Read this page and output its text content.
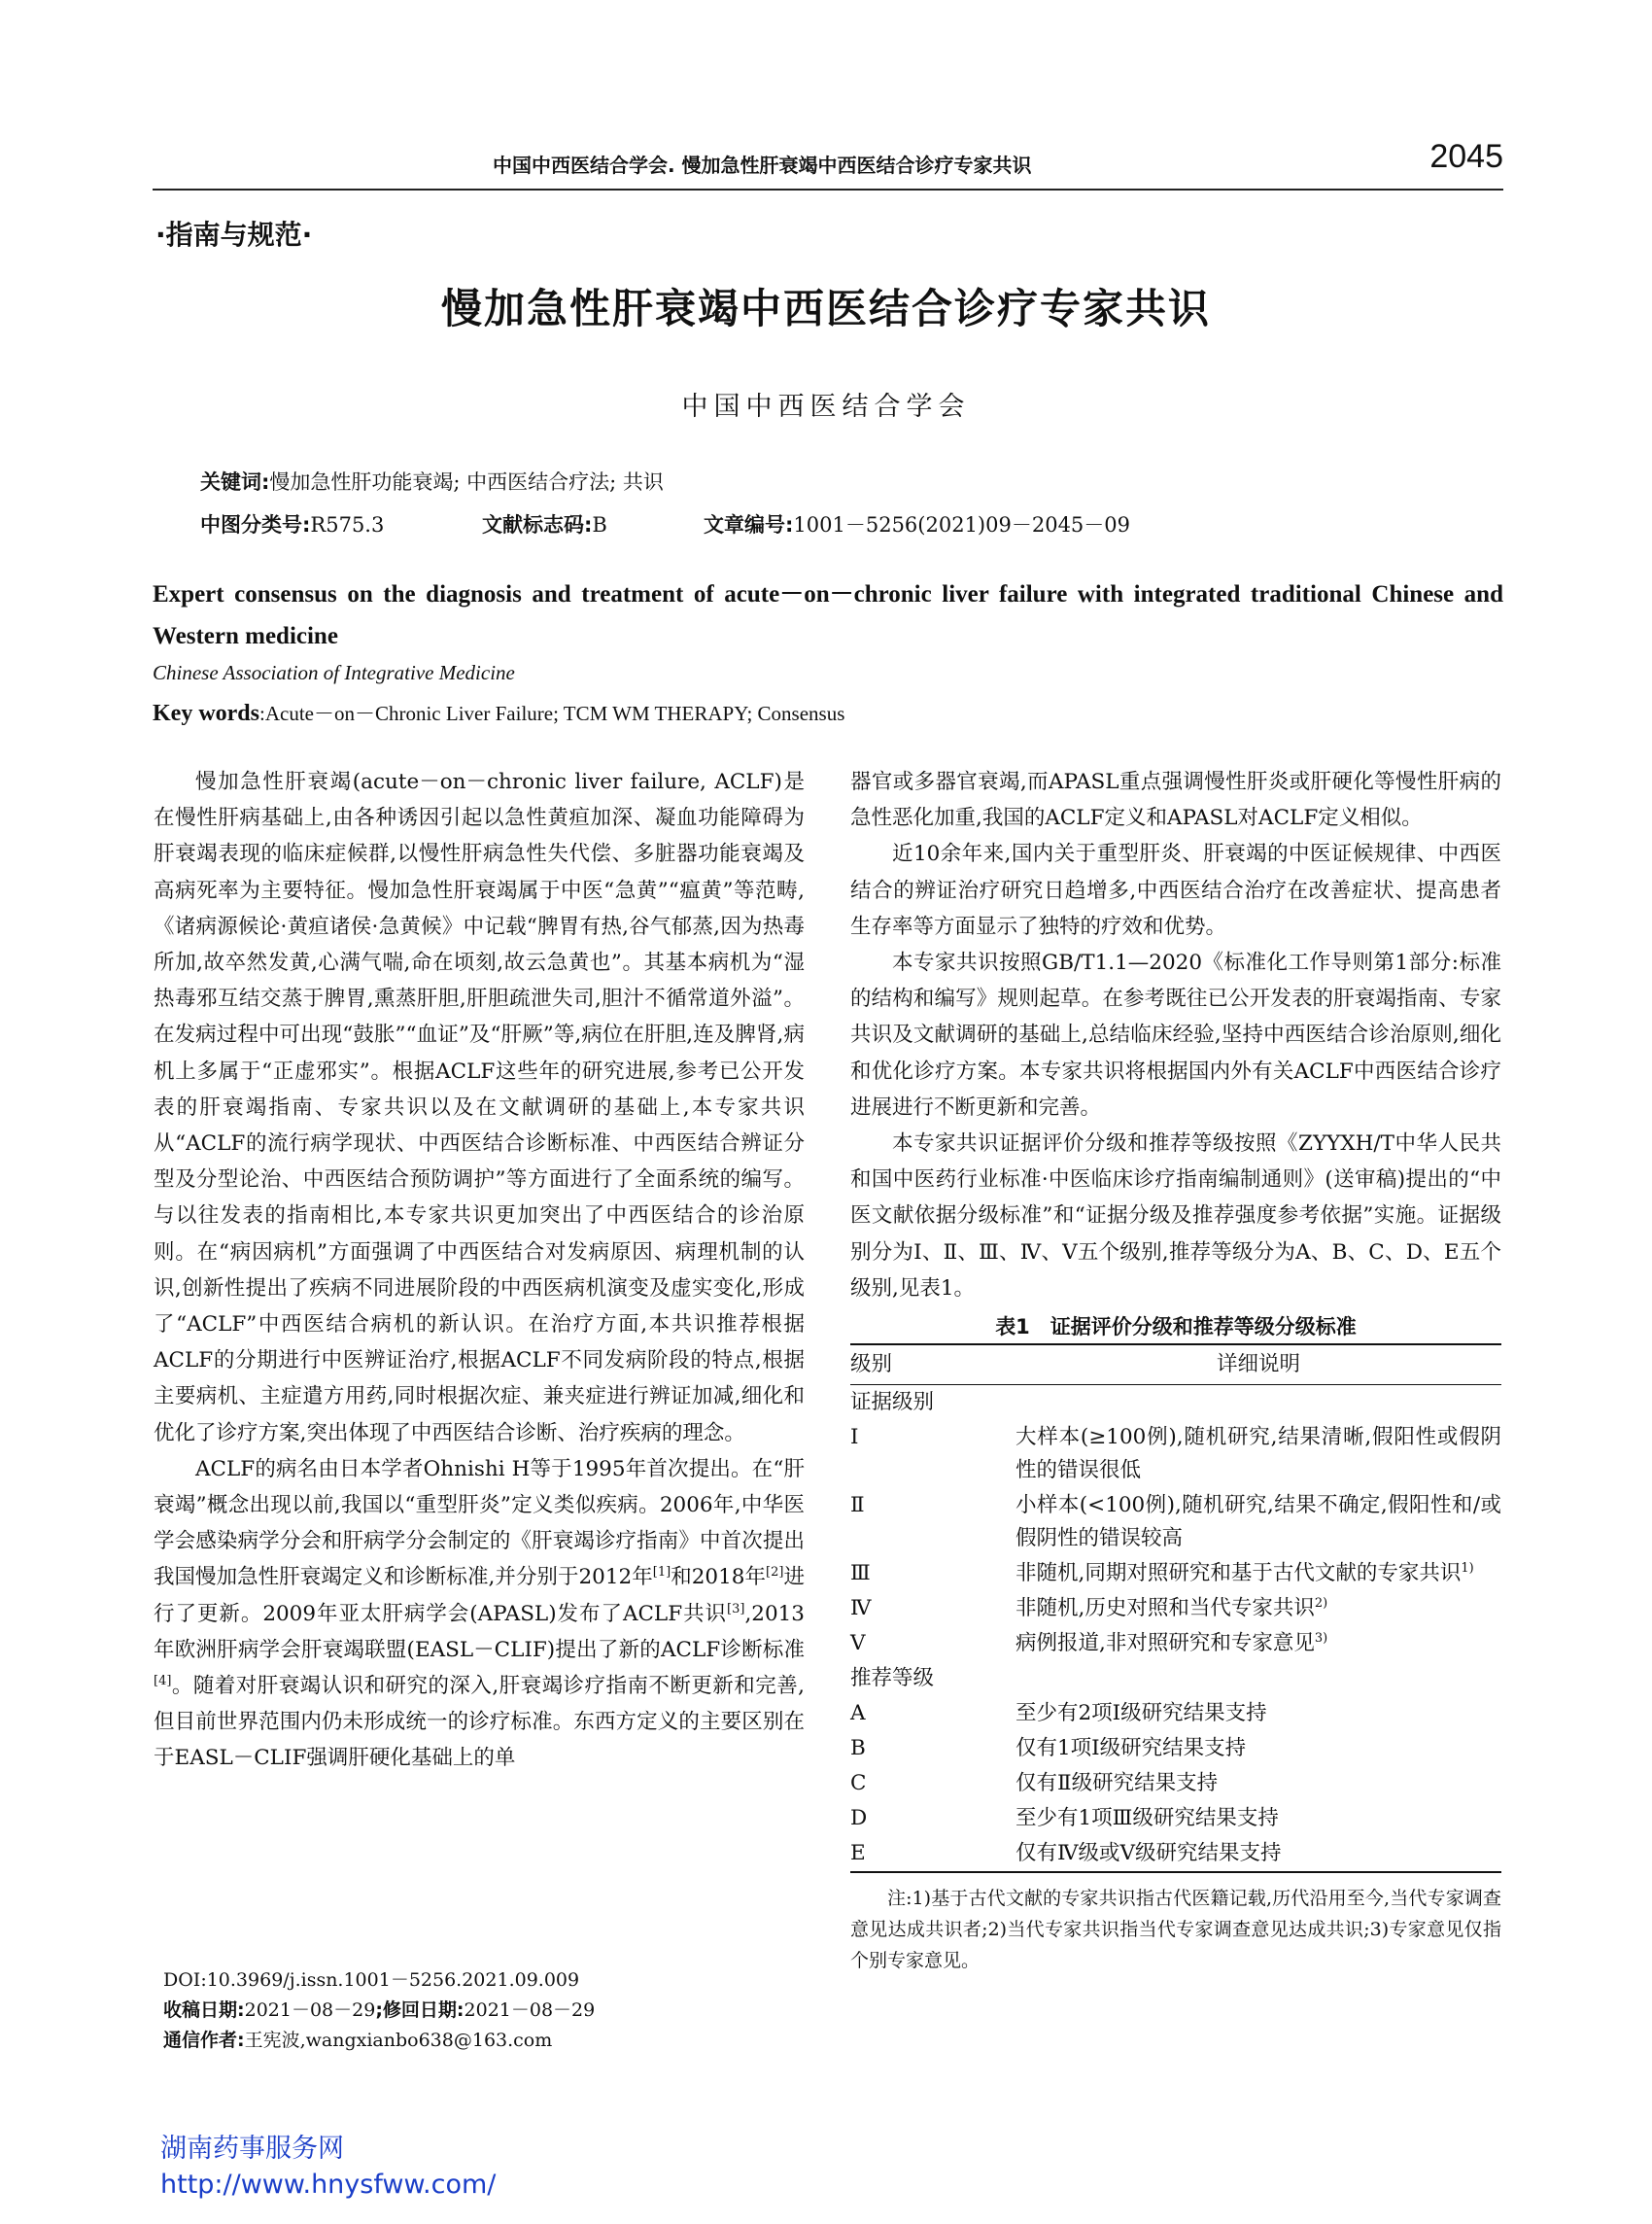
中国中西医结合学会. 慢加急性肝衰竭中西医结合诊疗专家共识	2045
·指南与规范·
慢加急性肝衰竭中西医结合诊疗专家共识
中国中西医结合学会
关键词:慢加急性肝功能衰竭; 中西医结合疗法; 共识
中图分类号:R575.3	文献标志码:B	文章编号:1001－5256(2021)09－2045－09
Expert consensus on the diagnosis and treatment of acute－on－chronic liver failure with integrated traditional Chinese and Western medicine
Chinese Association of Integrative Medicine
Key words:Acute－on－Chronic Liver Failure; TCM WM THERAPY; Consensus

慢加急性肝衰竭(acute－on－chronic liver failure, ACLF)是在慢性肝病基础上,由各种诱因引起以急性黄疸加深、凝血功能障碍为肝衰竭表现的临床症候群,以慢性肝病急性失代偿、多脏器功能衰竭及高病死率为主要特征。慢加急性肝衰竭属于中医“急黄”“瘟黄”等范畴,《诸病源候论·黄疸诸侯·急黄候》中记载“脾胃有热,谷气郁蒸,因为热毒所加,故卒然发黄,心满气喘,命在顷刻,故云急黄也”。其基本病机为“湿热毒邪互结交蒸于脾胃,熏蒸肝胆,肝胆疏泄失司,胆汁不循常道外溢”。在发病过程中可出现“鼓胀”“血证”及“肝厥”等,病位在肝胆,连及脾肾,病机上多属于“正虚邪实”。根据ACLF这些年的研究进展,参考已公开发表的肝衰竭指南、专家共识以及在文献调研的基础上,本专家共识从“ACLF的流行病学现状、中西医结合诊断标准、中西医结合辨证分型及分型论治、中西医结合预防调护”等方面进行了全面系统的编写。与以往发表的指南相比,本专家共识更加突出了中西医结合的诊治原则。在“病因病机”方面强调了中西医结合对发病原因、病理机制的认识,创新性提出了疾病不同进展阶段的中西医病机演变及虚实变化,形成了“ACLF”中西医结合病机的新认识。在治疗方面,本共识推荐根据ACLF的分期进行中医辨证治疗,根据ACLF不同发病阶段的特点,根据主要病机、主症遣方用药,同时根据次症、兼夹症进行辨证加减,细化和优化了诊疗方案,突出体现了中西医结合诊断、治疗疾病的理念。

ACLF的病名由日本学者Ohnishi H等于1995年首次提出。在“肝衰竭”概念出现以前,我国以“重型肝炎”定义类似疾病。2006年,中华医学会感染病学分会和肝病学分会制定的《肝衰竭诊疗指南》中首次提出我国慢加急性肝衰竭定义和诊断标准,并分别于2012年[1]和2018年[2]进行了更新。2009年亚太肝病学会(APASL)发布了ACLF共识[3],2013年欧洲肝病学会肝衰竭联盟(EASL－CLIF)提出了新的ACLF诊断标准[4]。随着对肝衰竭认识和研究的深入,肝衰竭诊疗指南不断更新和完善,但目前世界范围内仍未形成统一的诊疗标准。东西方定义的主要区别在于EASL－CLIF强调肝硬化基础上的单

器官或多器官衰竭,而APASL重点强调慢性肝炎或肝硬化等慢性肝病的急性恶化加重,我国的ACLF定义和APASL对ACLF定义相似。

近10余年来,国内关于重型肝炎、肝衰竭的中医证候规律、中西医结合的辨证治疗研究日趋增多,中西医结合治疗在改善症状、提高患者生存率等方面显示了独特的疗效和优势。

本专家共识按照GB/T1.1—2020《标准化工作导则第1部分:标准的结构和编写》规则起草。在参考既往已公开发表的肝衰竭指南、专家共识及文献调研的基础上,总结临床经验,坚持中西医结合诊治原则,细化和优化诊疗方案。本专家共识将根据国内外有关ACLF中西医结合诊疗进展进行不断更新和完善。

本专家共识证据评价分级和推荐等级按照《ZYYXH/T中华人民共和国中医药行业标准·中医临床诊疗指南编制通则》(送审稿)提出的“中医文献依据分级标准”和“证据分级及推荐强度参考依据”实施。证据级别分为Ⅰ、Ⅱ、Ⅲ、Ⅳ、Ⅴ五个级别,推荐等级分为A、B、C、D、E五个级别,见表1。

表1　证据评价分级和推荐等级分级标准
级别	详细说明
证据级别	
Ⅰ	大样本(≥100例),随机研究,结果清晰,假阳性或假阴性的错误很低
Ⅱ	小样本(<100例),随机研究,结果不确定,假阳性和/或假阴性的错误较高
Ⅲ	非随机,同期对照研究和基于古代文献的专家共识$^{1)}$
Ⅳ	非随机,历史对照和当代专家共识$^{2)}$
Ⅴ	病例报道,非对照研究和专家意见$^{3)}$
推荐等级	
A	至少有2项Ⅰ级研究结果支持
B	仅有1项Ⅰ级研究结果支持
C	仅有Ⅱ级研究结果支持
D	至少有1项Ⅲ级研究结果支持
E	仅有Ⅳ级或Ⅴ级研究结果支持
注:1)基于古代文献的专家共识指古代医籍记载,历代沿用至今,当代专家调查意见达成共识者;2)当代专家共识指当代专家调查意见达成共识;3)专家意见仅指个别专家意见。
DOI:10.3969/j.issn.1001－5256.2021.09.009
收稿日期:2021－08－29;修回日期:2021－08－29
通信作者:王宪波,wangxianbo638@163.com
湖南药事服务网
http://www.hnysfww.com/
